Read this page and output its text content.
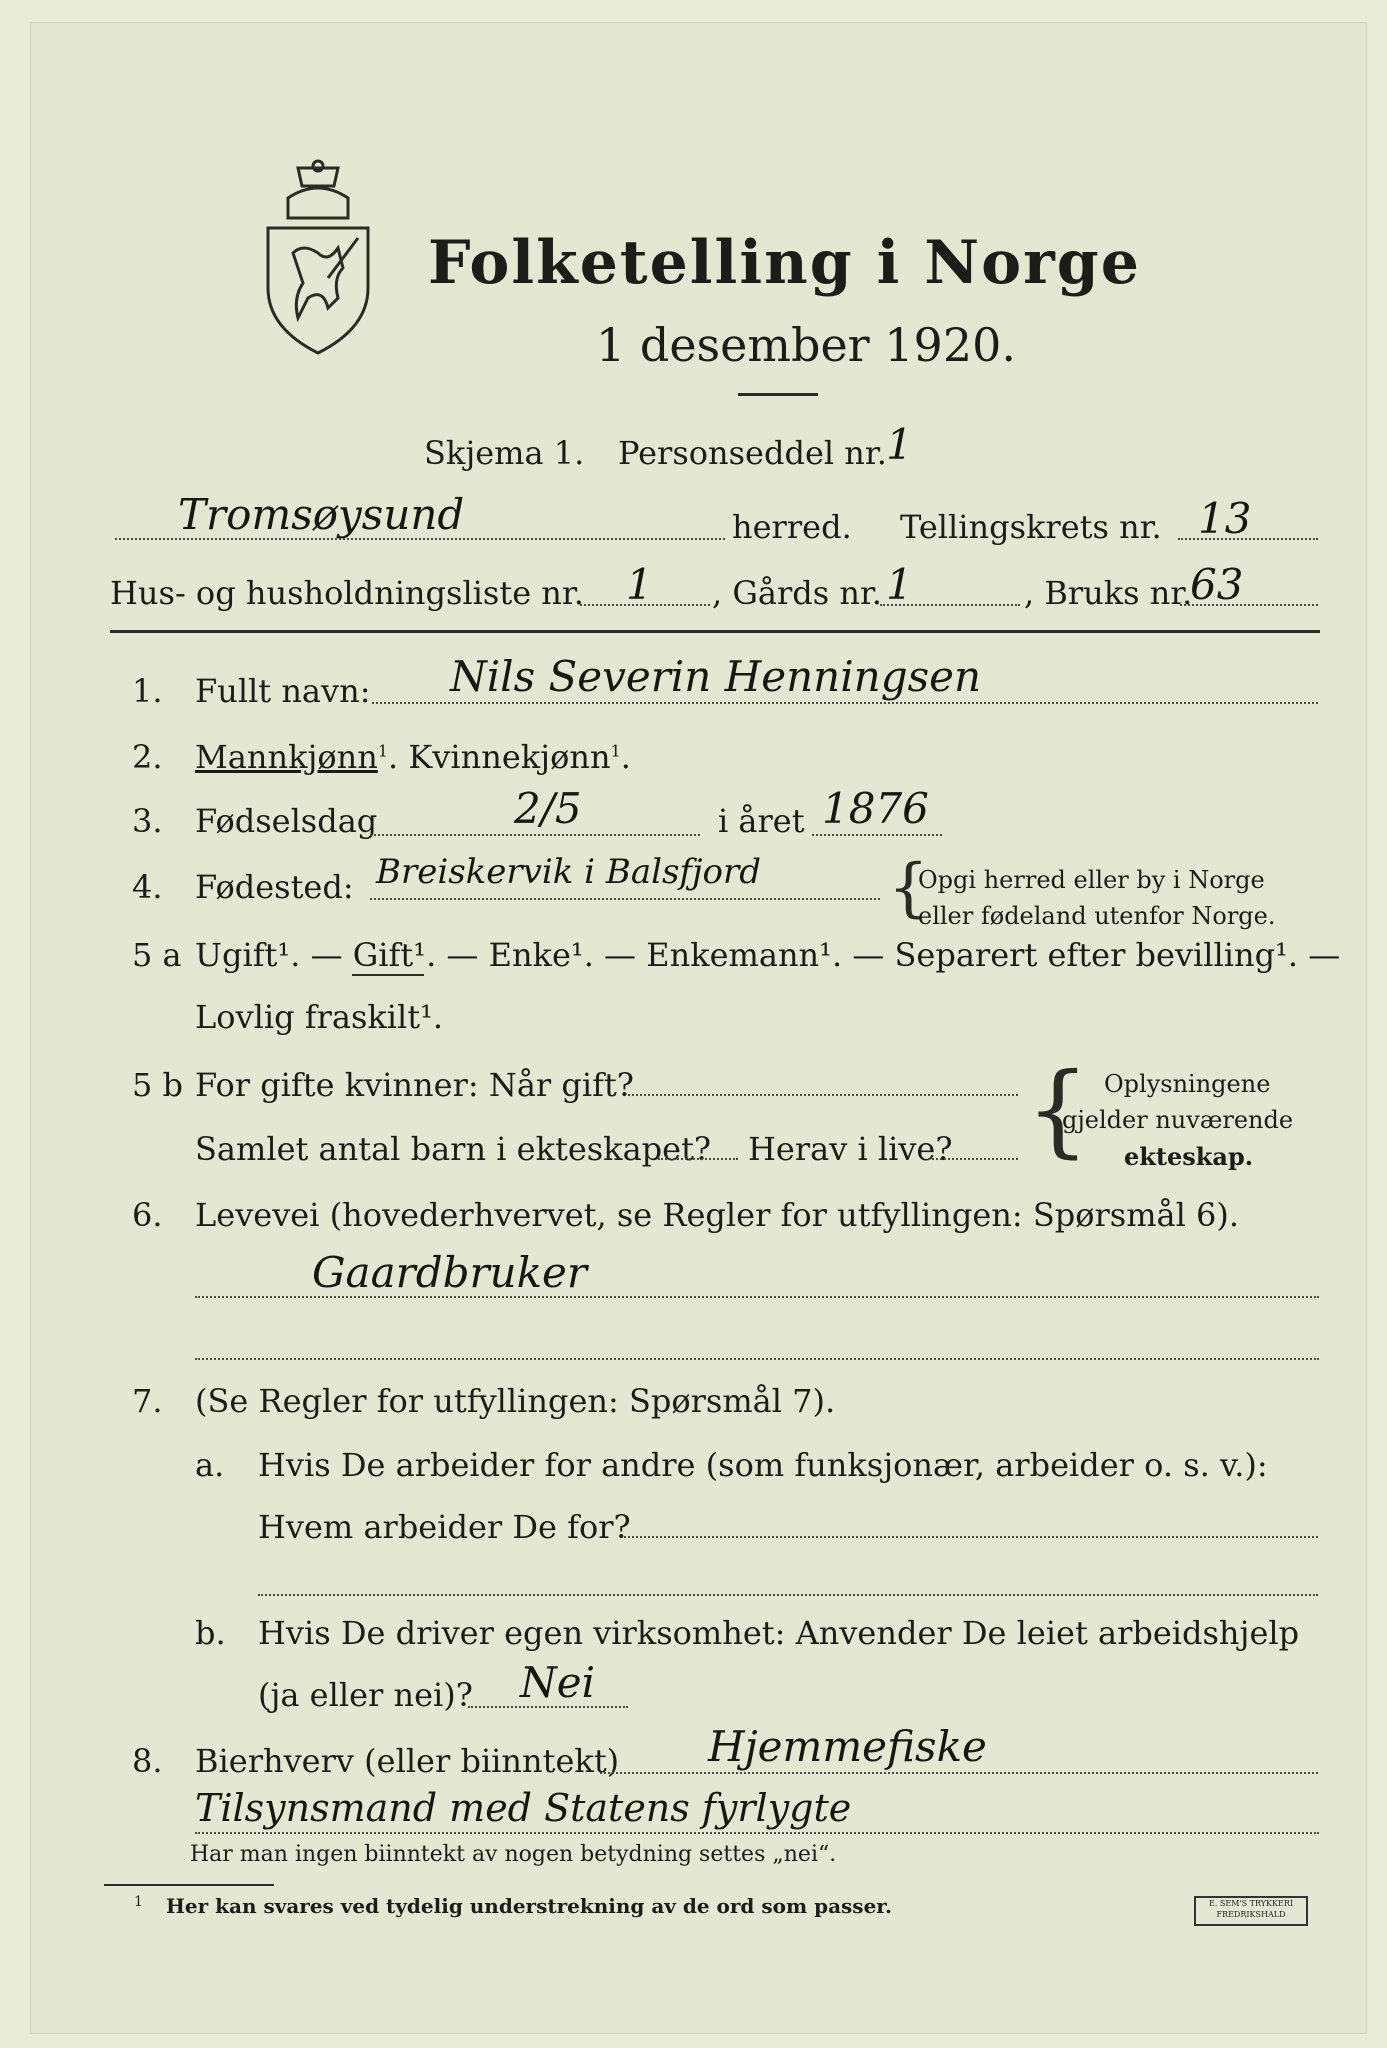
Folketelling i Norge
1 desember 1920.
Skjema 1. Personseddel nr. 1
Tromsøysund	herred. Tellingskrets nr. 13
Hus- og husholdningsliste nr. 1 , Gårds nr. 1	, Bruks nr.
63
1. Fullt navn: Nils Severin Henningsen
2. Mannkjønn$^1$. Kvinnekjønn$^1$.
3. Fødselsdag	2/5	i året 1876
4. Fødested: Breiskervik i Balsfjord {
Opgi herred eller by i Norge
eller fødeland utenfor Norge.
5 a Ugift¹. — Gift¹. — Enke¹. — Enkemann¹. — Separert efter bevilling¹. —
Lovlig fraskilt¹.
5 b For gifte kvinner: Når gift?
Samlet antal barn i ekteskapet? Herav i live? { Oplysningene
gjelder nuværende
ekteskap.
6. Levevei (hovederhvervet, se Regler for utfyllingen: Spørsmål 6).
Gaardbruker
7. (Se Regler for utfyllingen: Spørsmål 7).
a. Hvis De arbeider for andre (som funksjonær, arbeider o. s. v.):
Hvem arbeider De for?
b. Hvis De driver egen virksomhet: Anvender De leiet arbeidshjelp
(ja eller nei)? Nei
8. Bierhverv (eller biinntekt) Hjemmefiske
Tilsynsmand med Statens fyrlygte
Har man ingen biinntekt av nogen betydning settes „nei“.
1 Her kan svares ved tydelig understrekning av de ord som passer.	E. SEM'S TRYKKERI FREDRIKSHALD
